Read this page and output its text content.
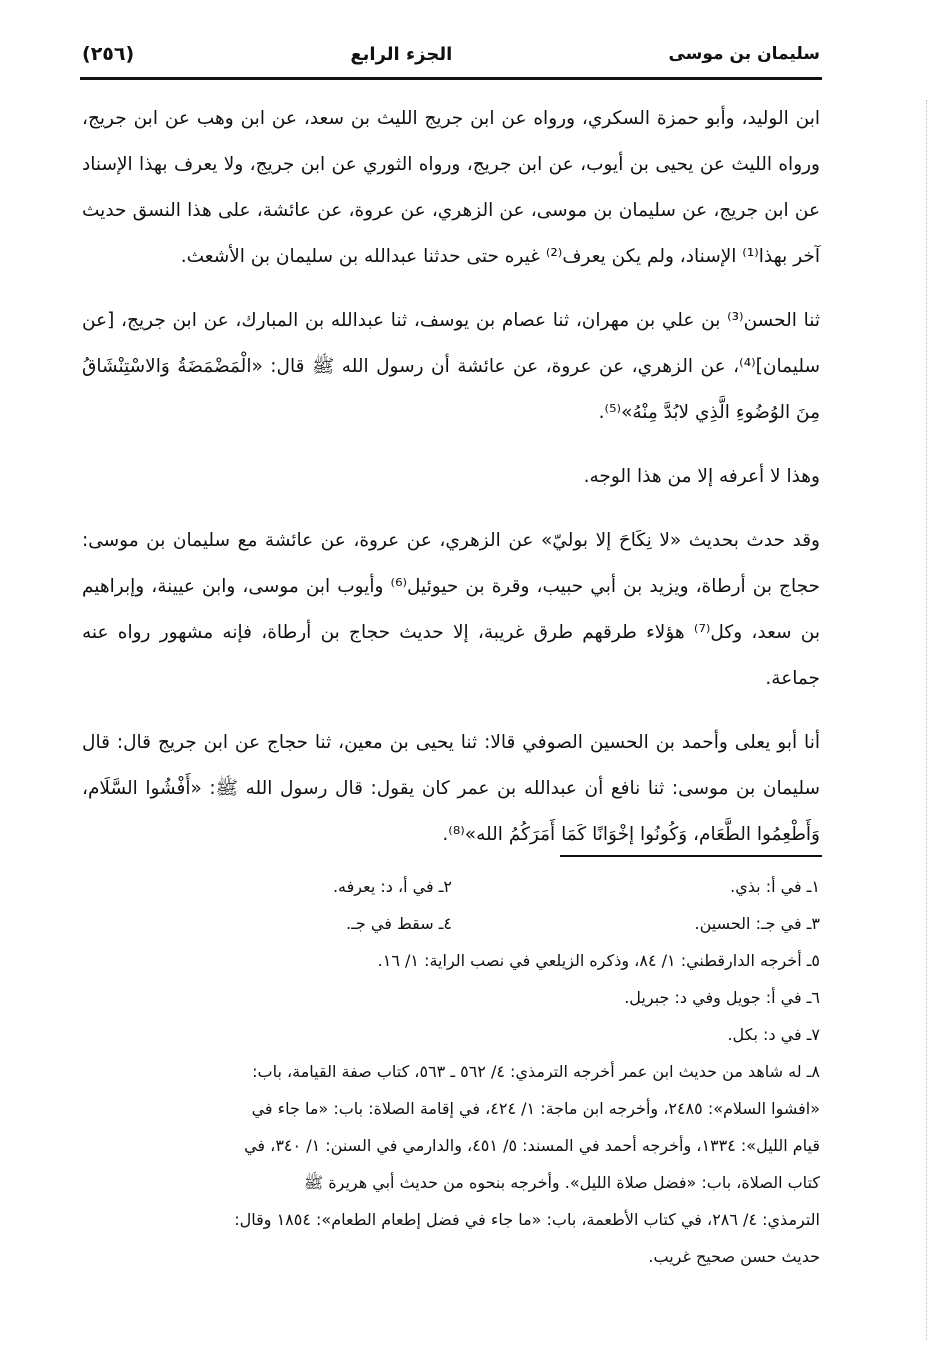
(٢٥٦)	الجزء الرابع	سليمان بن موسى

ابن الوليد، وأبو حمزة السكري، ورواه عن ابن جريج الليث بن سعد، عن ابن وهب عن ابن جريج، ورواه الليث عن يحيى بن أيوب، عن ابن جريج، ورواه الثوري عن ابن جريج، ولا يعرف بهذا الإسناد عن ابن جريج، عن سليمان بن موسى، عن الزهري، عن عروة، عن عائشة، على هذا النسق حديث آخر بهذا⁽¹⁾ الإسناد، ولم يكن يعرف⁽²⁾ غيره حتى حدثنا عبدالله بن سليمان بن الأشعث.

ثنا الحسن⁽³⁾ بن علي بن مهران، ثنا عصام بن يوسف، ثنا عبدالله بن المبارك، عن ابن جريج، [عن سليمان]⁽⁴⁾، عن الزهري، عن عروة، عن عائشة أن رسول الله ﷺ قال: «الْمَضْمَضَةُ وَالاسْتِنْشَاقُ مِنَ الوُضُوءِ الَّذِي لابُدَّ مِنْهُ»⁽⁵⁾.

وهذا لا أعرفه إلا من هذا الوجه.

وقد حدث بحديث «لا نِكَاحَ إلا بوليّ» عن الزهري، عن عروة، عن عائشة مع سليمان بن موسى: حجاج بن أرطاة، ويزيد بن أبي حبيب، وقرة بن حيوئيل⁽⁶⁾ وأيوب ابن موسى، وابن عيينة، وإبراهيم بن سعد، وكل⁽⁷⁾ هؤلاء طرقهم طرق غريبة، إلا حديث حجاج بن أرطاة، فإنه مشهور رواه عنه جماعة.

أنا أبو يعلى وأحمد بن الحسين الصوفي قالا: ثنا يحيى بن معين، ثنا حجاج عن ابن جريج قال: قال سليمان بن موسى: ثنا نافع أن عبدالله بن عمر كان يقول: قال رسول الله ﷺ: «أَفْشُوا السَّلَام، وَأَطْعِمُوا الطَّعَام، وَكُونُوا إخْوَانًا كَمَا أَمَرَكُمُ الله»⁽⁸⁾.

١ـ في أ: بذي.
٢ـ في أ، د: يعرفه.
٣ـ في جـ: الحسين.
٤ـ سقط في جـ.
٥ـ أخرجه الدارقطني: ١/ ٨٤، وذكره الزيلعي في نصب الراية: ١/ ١٦.
٦ـ في أ: جويل وفي د: جبريل.
٧ـ في د: بكل.
٨ـ له شاهد من حديث ابن عمر أخرجه الترمذي: ٤/ ٥٦٢ ـ ٥٦٣، كتاب صفة القيامة، باب:
«افشوا السلام»: ٢٤٨٥، وأخرجه ابن ماجة: ١/ ٤٢٤، في إقامة الصلاة: باب: «ما جاء في
قيام الليل»: ١٣٣٤، وأخرجه أحمد في المسند: ٥/ ٤٥١، والدارمي في السنن: ١/ ٣٤٠، في
كتاب الصلاة، باب: «فضل صلاة الليل». وأخرجه بنحوه من حديث أبي هريرة ﷺ
الترمذي: ٤/ ٢٨٦، في كتاب الأطعمة، باب: «ما جاء في فضل إطعام الطعام»: ١٨٥٤ وقال:
حديث حسن صحيح غريب.
